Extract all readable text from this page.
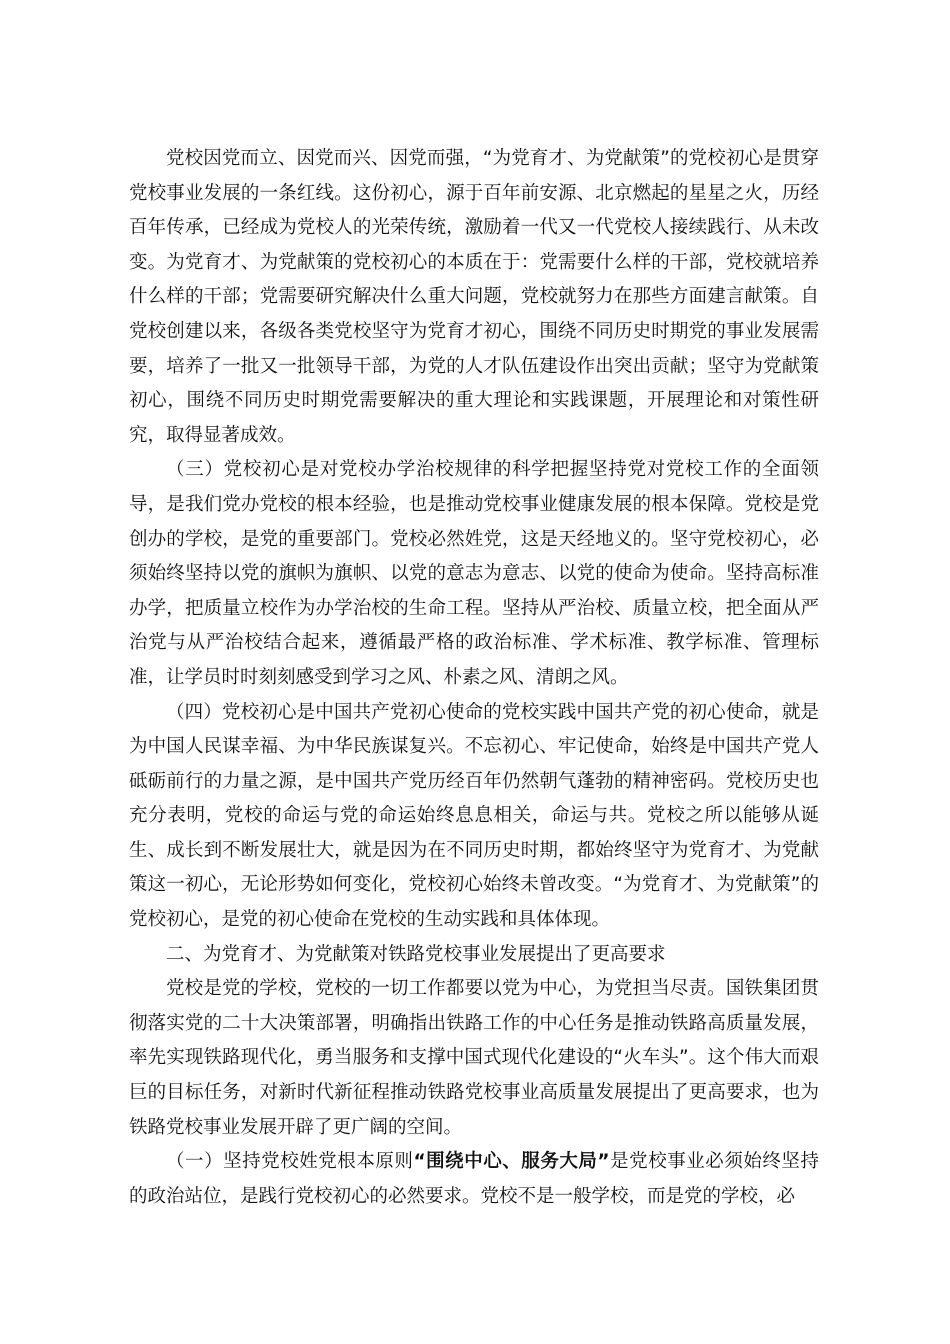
党校因党而立、因党而兴、因党而强，“为党育才、为党献策”的党校初心是贯穿党校事业发展的一条红线。这份初心，源于百年前安源、北京燃起的星星之火，历经百年传承，已经成为党校人的光荣传统，激励着一代又一代党校人接续践行、从未改变。为党育才、为党献策的党校初心的本质在于：党需要什么样的干部，党校就培养什么样的干部；党需要研究解决什么重大问题，党校就努力在那些方面建言献策。自党校创建以来，各级各类党校坚守为党育才初心，围绕不同历史时期党的事业发展需要，培养了一批又一批领导干部，为党的人才队伍建设作出突出贡献；坚守为党献策初心，围绕不同历史时期党需要解决的重大理论和实践课题，开展理论和对策性研究，取得显著成效。

（三）党校初心是对党校办学治校规律的科学把握坚持党对党校工作的全面领导，是我们党办党校的根本经验，也是推动党校事业健康发展的根本保障。党校是党创办的学校，是党的重要部门。党校必然姓党，这是天经地义的。坚守党校初心，必须始终坚持以党的旗帜为旗帜、以党的意志为意志、以党的使命为使命。坚持高标准办学，把质量立校作为办学治校的生命工程。坚持从严治校、质量立校，把全面从严治党与从严治校结合起来，遵循最严格的政治标准、学术标准、教学标准、管理标准，让学员时时刻刻感受到学习之风、朴素之风、清朗之风。

（四）党校初心是中国共产党初心使命的党校实践中国共产党的初心使命，就是为中国人民谋幸福、为中华民族谋复兴。不忘初心、牢记使命，始终是中国共产党人砥砺前行的力量之源，是中国共产党历经百年仍然朝气蓬勃的精神密码。党校历史也充分表明，党校的命运与党的命运始终息息相关，命运与共。党校之所以能够从诞生、成长到不断发展壮大，就是因为在不同历史时期，都始终坚守为党育才、为党献策这一初心，无论形势如何变化，党校初心始终未曾改变。“为党育才、为党献策”的党校初心，是党的初心使命在党校的生动实践和具体体现。

二、为党育才、为党献策对铁路党校事业发展提出了更高要求

党校是党的学校，党校的一切工作都要以党为中心，为党担当尽责。国铁集团贯彻落实党的二十大决策部署，明确指出铁路工作的中心任务是推动铁路高质量发展，率先实现铁路现代化，勇当服务和支撑中国式现代化建设的“火车头”。这个伟大而艰巨的目标任务，对新时代新征程推动铁路党校事业高质量发展提出了更高要求，也为铁路党校事业发展开辟了更广阔的空间。

（一）坚持党校姓党根本原则“围绕中心、服务大局”是党校事业必须始终坚持的政治站位，是践行党校初心的必然要求。党校不是一般学校，而是党的学校，必
